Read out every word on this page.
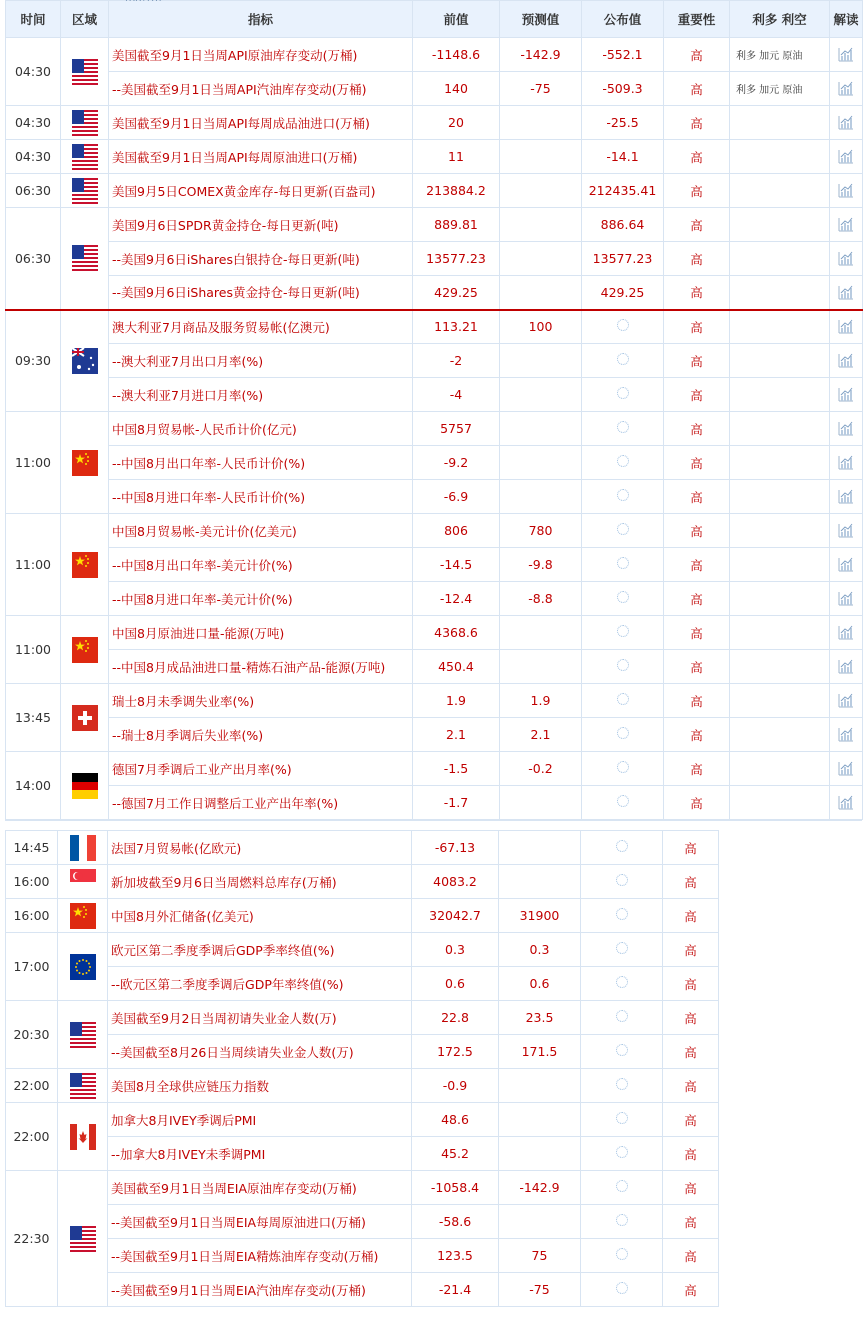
时间	区域	指标	前值	预测值	公布值	重要性	利多 利空	解读
04:30		美国截至9月1日当周API原油库存变动(万桶)	-1148.6	-142.9	-552.1	高	利多 加元 原油	

		--美国截至9月1日当周API汽油库存变动(万桶)	140	-75	-509.3	高	利多 加元 原油	

04:30		美国截至9月1日当周API每周成品油进口(万桶)	20		-25.5	高		

04:30		美国截至9月1日当周API每周原油进口(万桶)	11		-14.1	高		

06:30		美国9月5日COMEX黄金库存-每日更新(百盎司)	213884.2		212435.41	高		

06:30		美国9月6日SPDR黄金持仓-每日更新(吨)	889.81		886.64	高		

		--美国9月6日iShares白银持仓-每日更新(吨)	13577.23		13577.23	高		

		--美国9月6日iShares黄金持仓-每日更新(吨)	429.25		429.25	高		

09:30		澳大利亚7月商品及服务贸易帐(亿澳元)	113.21	100		高		

		--澳大利亚7月出口月率(%)	-2			高		

		--澳大利亚7月进口月率(%)	-4			高		

11:00		中国8月贸易帐-人民币计价(亿元)	5757			高		

		--中国8月出口年率-人民币计价(%)	-9.2			高		

		--中国8月进口年率-人民币计价(%)	-6.9			高		

11:00		中国8月贸易帐-美元计价(亿美元)	806	780		高		

		--中国8月出口年率-美元计价(%)	-14.5	-9.8		高		

		--中国8月进口年率-美元计价(%)	-12.4	-8.8		高		

11:00		中国8月原油进口量-能源(万吨)	4368.6			高		

		--中国8月成品油进口量-精炼石油产品-能源(万吨)	450.4			高		

13:45		瑞士8月未季调失业率(%)	1.9	1.9		高		

		--瑞士8月季调后失业率(%)	2.1	2.1		高		

14:00		德国7月季调后工业产出月率(%)	-1.5	-0.2		高		

		--德国7月工作日调整后工业产出年率(%)	-1.7			高		
14:45		法国7月贸易帐(亿欧元)	-67.13			高
16:00		新加坡截至9月6日当周燃料总库存(万桶)	4083.2			高
16:00		中国8月外汇储备(亿美元)	32042.7	31900		高
17:00		欧元区第二季度季调后GDP季率终值(%)	0.3	0.3		高
		--欧元区第二季度季调后GDP年率终值(%)	0.6	0.6		高
20:30		美国截至9月2日当周初请失业金人数(万)	22.8	23.5		高
		--美国截至8月26日当周续请失业金人数(万)	172.5	171.5		高
22:00		美国8月全球供应链压力指数	-0.9			高
22:00		加拿大8月IVEY季调后PMI	48.6			高
		--加拿大8月IVEY未季调PMI	45.2			高
22:30		美国截至9月1日当周EIA原油库存变动(万桶)	-1058.4	-142.9		高
		--美国截至9月1日当周EIA每周原油进口(万桶)	-58.6			高
		--美国截至9月1日当周EIA精炼油库存变动(万桶)	123.5	75		高
		--美国截至9月1日当周EIA汽油库存变动(万桶)	-21.4	-75		高
